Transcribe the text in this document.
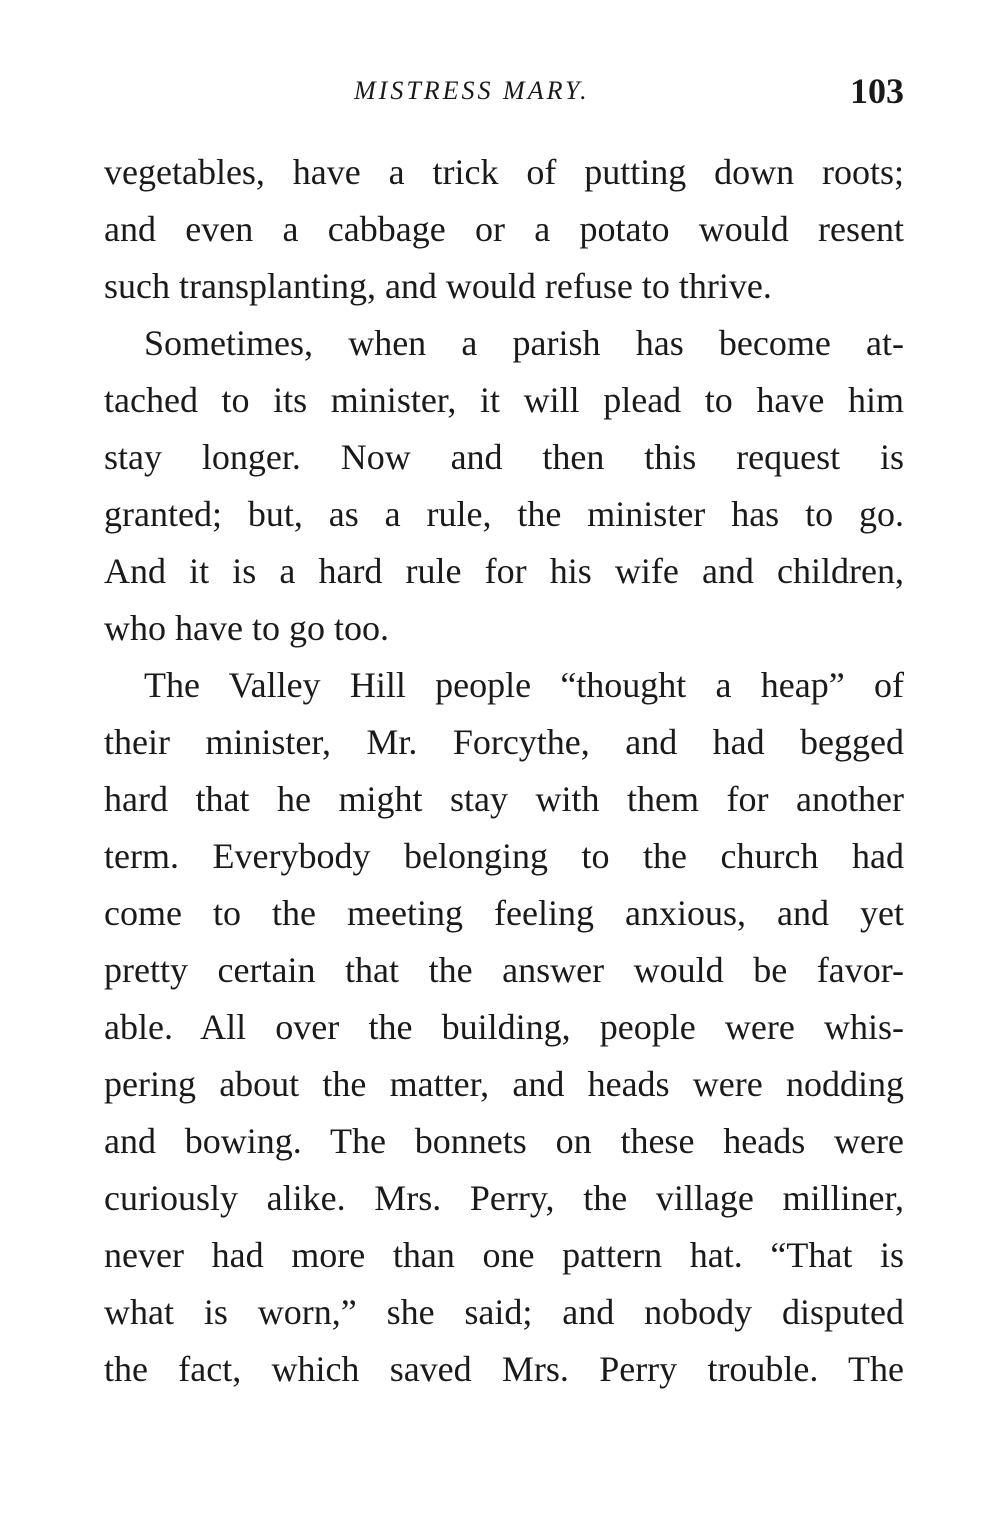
MISTRESS MARY.	103
vegetables, have a trick of putting down roots;
and even a cabbage or a potato would resent
such transplanting, and would refuse to thrive.
Sometimes, when a parish has become at-
tached to its minister, it will plead to have him
stay longer. Now and then this request is
granted; but, as a rule, the minister has to go.
And it is a hard rule for his wife and children,
who have to go too.
The Valley Hill people “thought a heap” of
their minister, Mr. Forcythe, and had begged
hard that he might stay with them for another
term. Everybody belonging to the church had
come to the meeting feeling anxious, and yet
pretty certain that the answer would be favor-
able. All over the building, people were whis-
pering about the matter, and heads were nodding
and bowing. The bonnets on these heads were
curiously alike. Mrs. Perry, the village milliner,
never had more than one pattern hat. “That is
what is worn,” she said; and nobody disputed
the fact, which saved Mrs. Perry trouble. The
